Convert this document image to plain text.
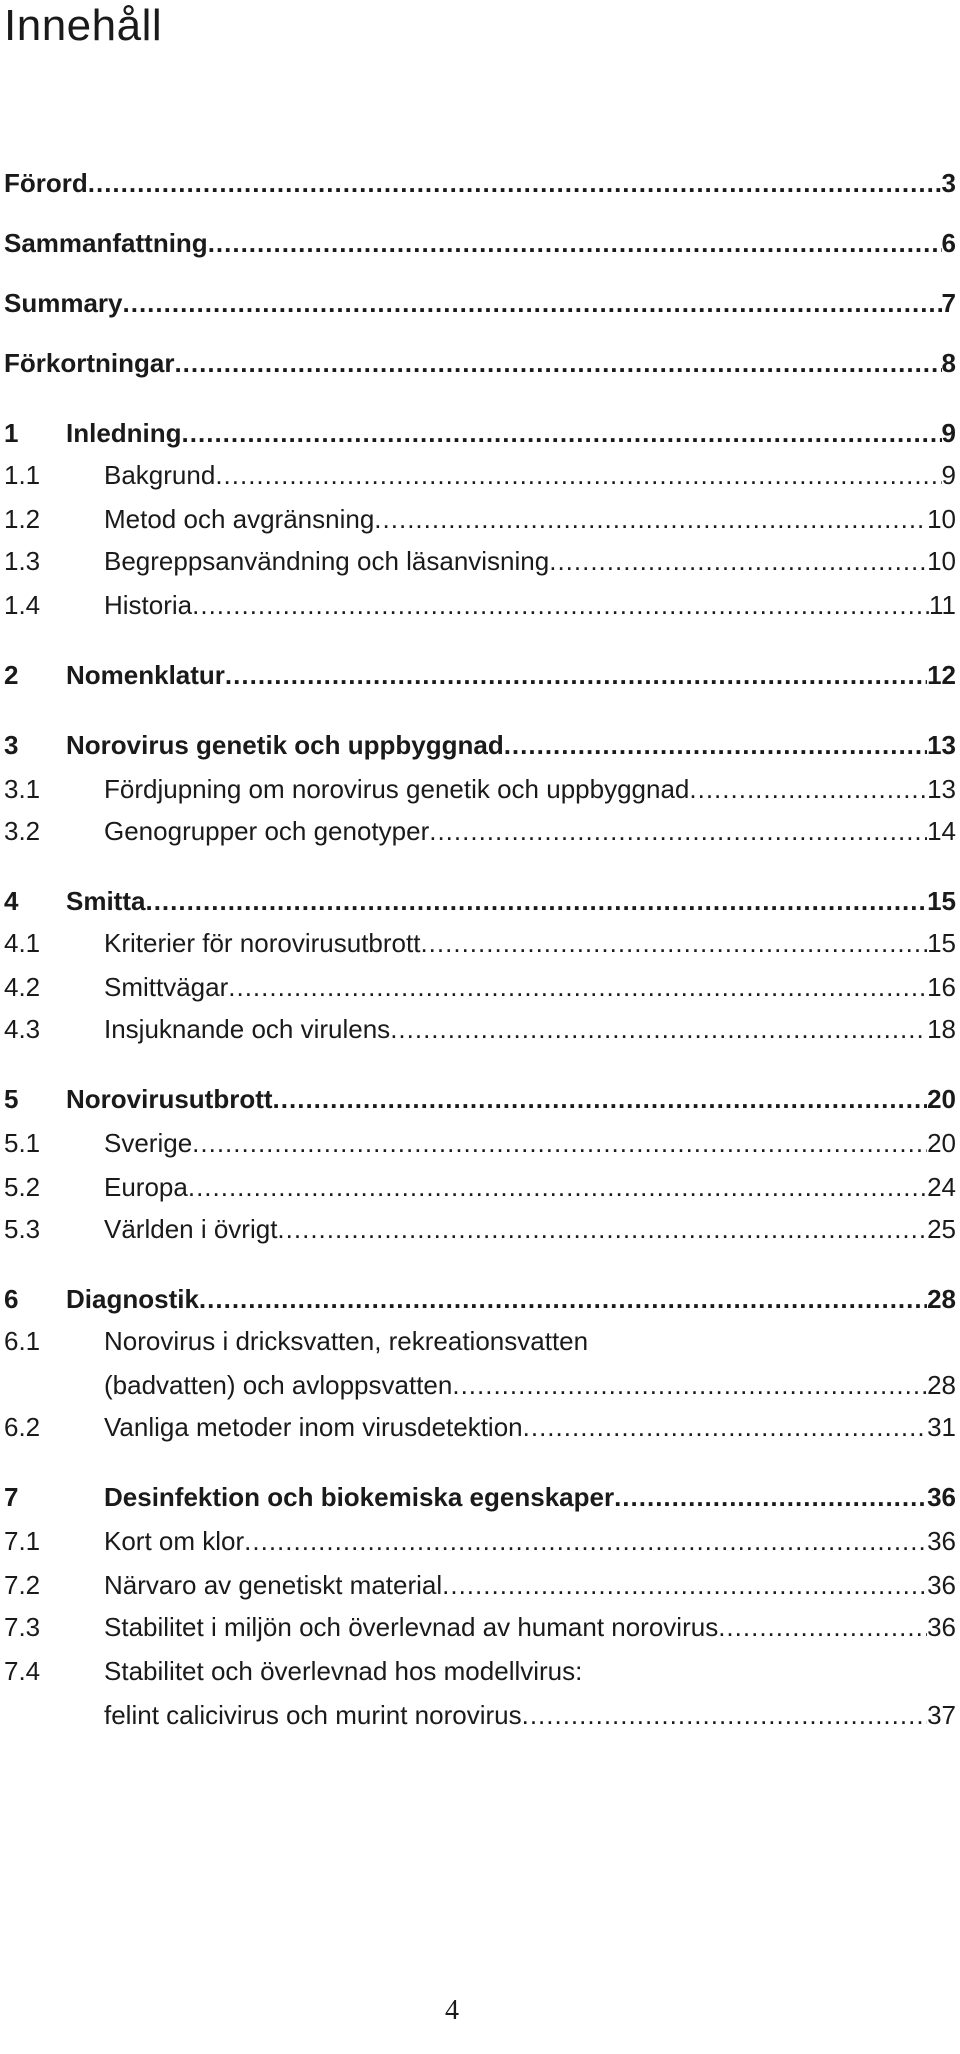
Innehåll
Förord .....	3
Sammanfattning .....	6
Summary .....	7
Förkortningar .....	8
1	Inledning .....	9
1.1	Bakgrund .....	9
1.2	Metod och avgränsning .....	10
1.3	Begreppsanvändning och läsanvisning .....	10
1.4	Historia .....	11
2	Nomenklatur .....	12
3	Norovirus genetik och uppbyggnad .....	13
3.1	Fördjupning om norovirus genetik och uppbyggnad .....	13
3.2	Genogrupper och genotyper .....	14
4	Smitta .....	15
4.1	Kriterier för norovirusutbrott .....	15
4.2	Smittvägar .....	16
4.3	Insjuknande och virulens .....	18
5	Norovirusutbrott .....	20
5.1	Sverige .....	20
5.2	Europa .....	24
5.3	Världen i övrigt .....	25
6	Diagnostik .....	28
6.1	Norovirus i dricksvatten, rekreationsvatten
(badvatten) och avloppsvatten .....	28
6.2	Vanliga metoder inom virusdetektion .....	31
7	Desinfektion och biokemiska egenskaper .....	36
7.1	Kort om klor .....	36
7.2	Närvaro av genetiskt material .....	36
7.3	Stabilitet i miljön och överlevnad av humant norovirus .....	36
7.4	Stabilitet och överlevnad hos modellvirus:
felint calicivirus och murint norovirus .....	37
4
